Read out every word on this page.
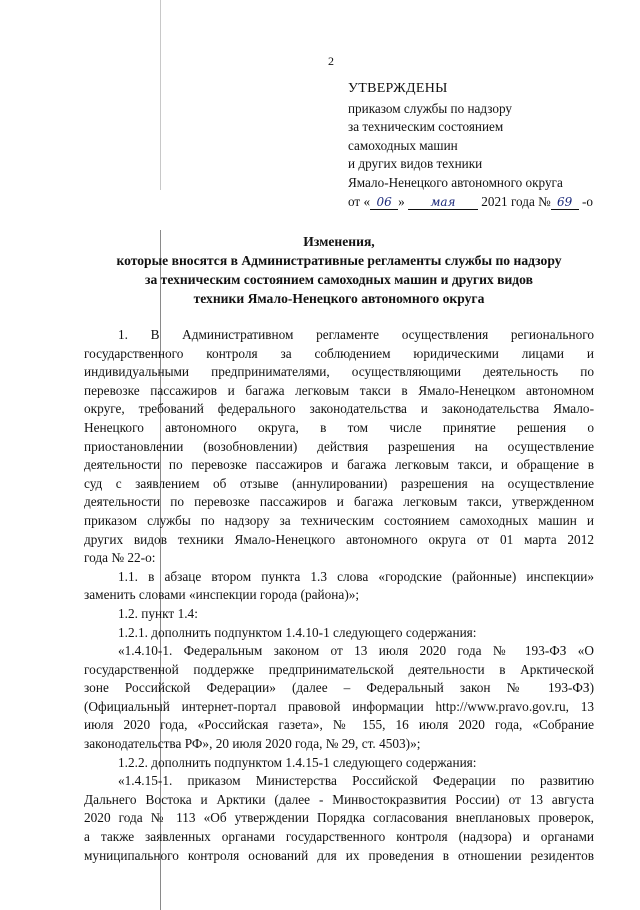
2
УТВЕРЖДЕНЫ
приказом службы по надзору
за техническим состоянием
самоходных машин
и других видов техники
Ямало-Ненецкого автономного округа
от « 06 » мая 2021 года № 69 -о
Изменения,
которые вносятся в Административные регламенты службы по надзору
за техническим состоянием самоходных машин и других видов
техники Ямало-Ненецкого автономного округа
1. В Административном регламенте осуществления регионального
государственного контроля за соблюдением юридическими лицами и
индивидуальными предпринимателями, осуществляющими деятельность по
перевозке пассажиров и багажа легковым такси в Ямало-Ненецком автономном
округе, требований федерального законодательства и законодательства Ямало-
Ненецкого автономного округа, в том числе принятие решения о
приостановлении (возобновлении) действия разрешения на осуществление
деятельности по перевозке пассажиров и багажа легковым такси, и обращение в
суд с заявлением об отзыве (аннулировании) разрешения на осуществление
деятельности по перевозке пассажиров и багажа легковым такси, утвержденном
приказом службы по надзору за техническим состоянием самоходных машин и
других видов техники Ямало-Ненецкого автономного округа от 01 марта 2012
года № 22-о:
1.1. в абзаце втором пункта 1.3 слова «городские (районные) инспекции»
заменить словами «инспекции города (района)»;
1.2. пункт 1.4:
1.2.1. дополнить подпунктом 1.4.10-1 следующего содержания:
«1.4.10-1. Федеральным законом от 13 июля 2020 года № 193-ФЗ «О
государственной поддержке предпринимательской деятельности в Арктической
зоне Российской Федерации» (далее – Федеральный закон № 193-ФЗ)
(Официальный интернет-портал правовой информации http://www.pravo.gov.ru, 13
июля 2020 года, «Российская газета», № 155, 16 июля 2020 года, «Собрание
законодательства РФ», 20 июля 2020 года, № 29, ст. 4503)»;
1.2.2. дополнить подпунктом 1.4.15-1 следующего содержания:
«1.4.15-1. приказом Министерства Российской Федерации по развитию
Дальнего Востока и Арктики (далее - Минвостокразвития России) от 13 августа
2020 года № 113 «Об утверждении Порядка согласования внеплановых проверок,
а также заявленных органами государственного контроля (надзора) и органами
муниципального контроля оснований для их проведения в отношении резидентов
